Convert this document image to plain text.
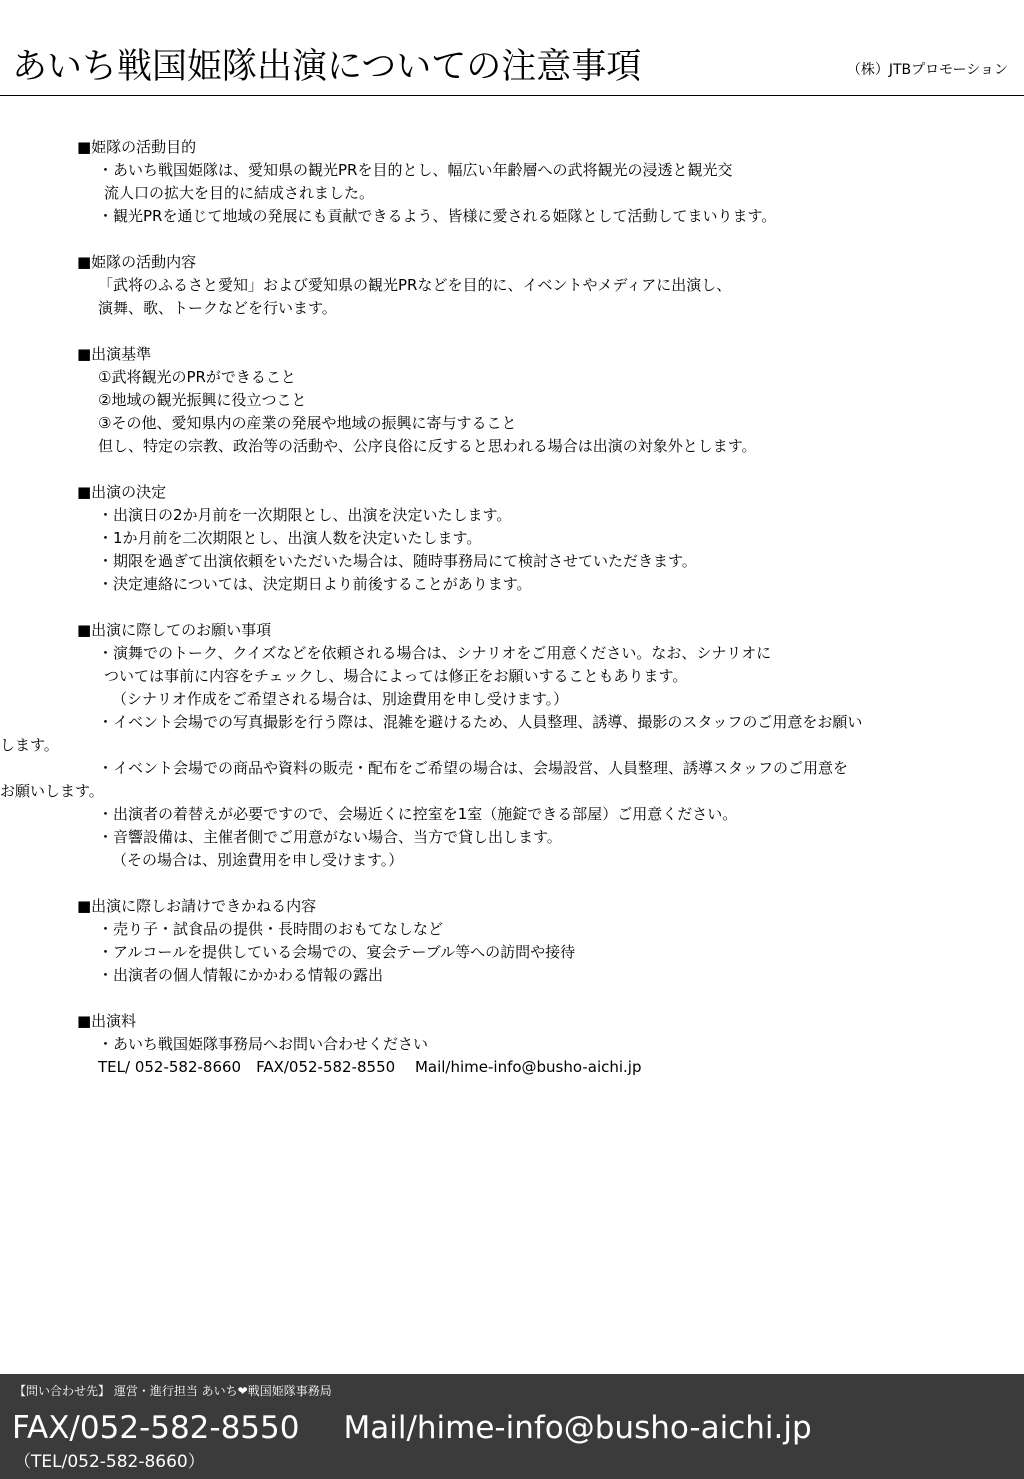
あいち戦国姫隊出演についての注意事項	（株）JTBプロモーション
■姫隊の活動目的
・あいち戦国姫隊は、愛知県の観光PRを目的とし、幅広い年齢層への武将観光の浸透と観光交
流人口の拡大を目的に結成されました。
・観光PRを通じて地域の発展にも貢献できるよう、皆様に愛される姫隊として活動してまいります。
■姫隊の活動内容
「武将のふるさと愛知」および愛知県の観光PRなどを目的に、イベントやメディアに出演し、
演舞、歌、トークなどを行います。
■出演基準
①武将観光のPRができること
②地域の観光振興に役立つこと
③その他、愛知県内の産業の発展や地域の振興に寄与すること
但し、特定の宗教、政治等の活動や、公序良俗に反すると思われる場合は出演の対象外とします。
■出演の決定
・出演日の2か月前を一次期限とし、出演を決定いたします。
・1か月前を二次期限とし、出演人数を決定いたします。
・期限を過ぎて出演依頼をいただいた場合は、随時事務局にて検討させていただきます。
・決定連絡については、決定期日より前後することがあります。
■出演に際してのお願い事項
・演舞でのトーク、クイズなどを依頼される場合は、シナリオをご用意ください。なお、シナリオに
ついては事前に内容をチェックし、場合によっては修正をお願いすることもあります。
（シナリオ作成をご希望される場合は、別途費用を申し受けます。）
・イベント会場での写真撮影を行う際は、混雑を避けるため、人員整理、誘導、撮影のスタッフのご用意をお願い
します。
・イベント会場での商品や資料の販売・配布をご希望の場合は、会場設営、人員整理、誘導スタッフのご用意を
お願いします。
・出演者の着替えが必要ですので、会場近くに控室を1室（施錠できる部屋）ご用意ください。
・音響設備は、主催者側でご用意がない場合、当方で貸し出します。
（その場合は、別途費用を申し受けます。）
■出演に際しお請けできかねる内容
・売り子・試食品の提供・長時間のおもてなしなど
・アルコールを提供している会場での、宴会テーブル等への訪問や接待
・出演者の個人情報にかかわる情報の露出
■出演料
・あいち戦国姫隊事務局へお問い合わせください
TEL/ 052-582-8660　FAX/052-582-8550　 Mail/hime-info@busho-aichi.jp
【問い合わせ先】 運営・進行担当 あいち❤戦国姫隊事務局
FAX/052-582-8550 Mail/hime-info@busho-aichi.jp
（TEL/052-582-8660）
